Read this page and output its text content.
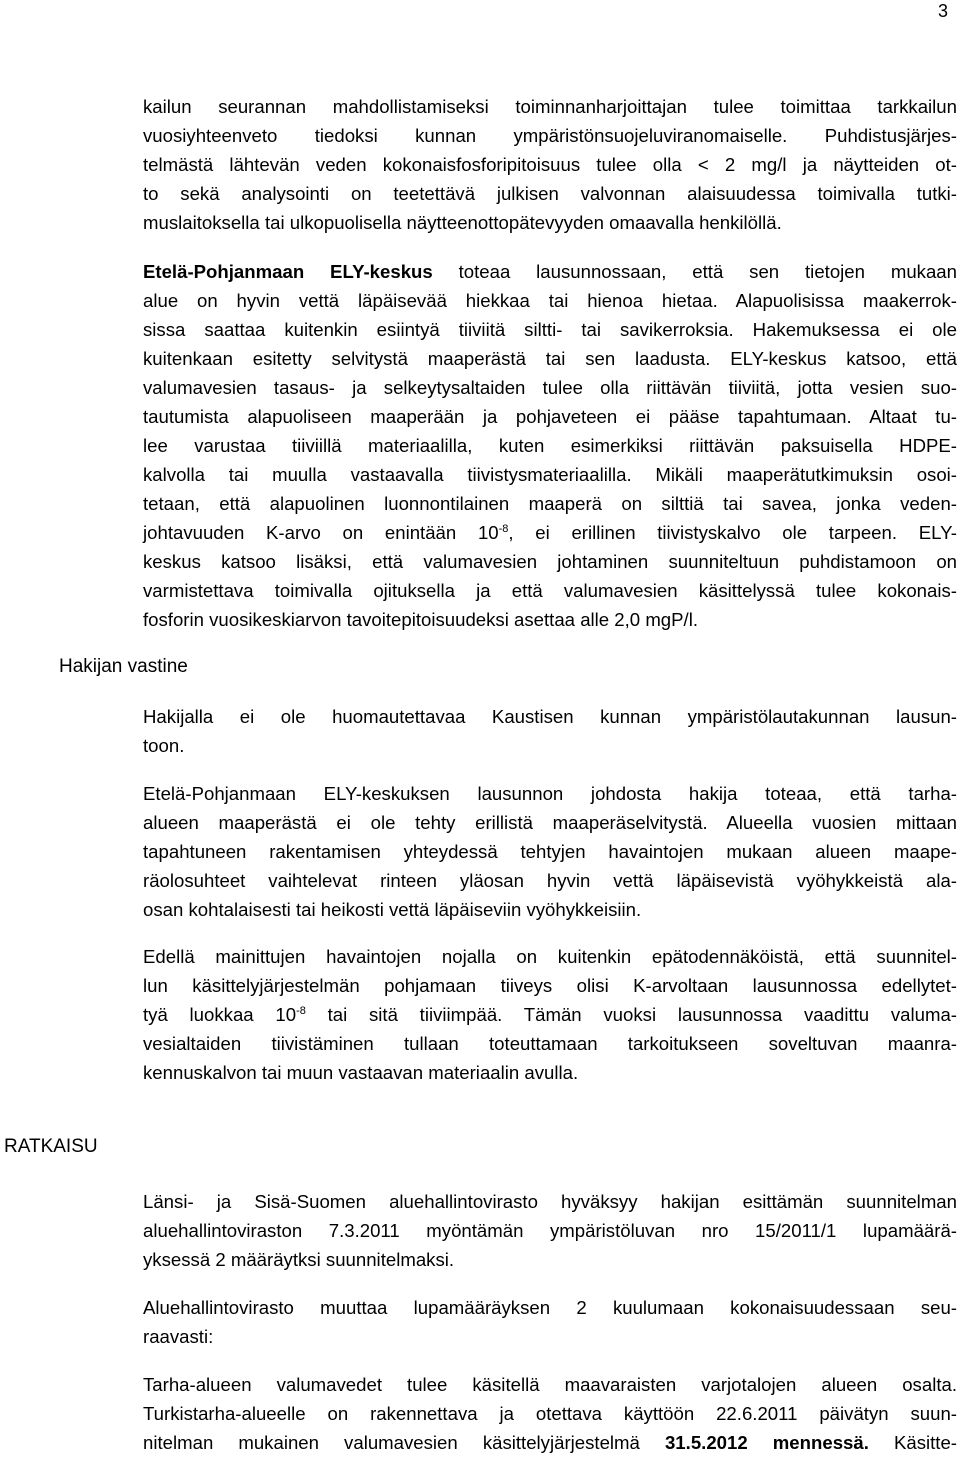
3
kailun seurannan mahdollistamiseksi toiminnanharjoittajan tulee toimittaa tarkkailun
vuosiyhteenveto tiedoksi kunnan ympäristönsuojeluviranomaiselle. Puhdistusjärjes-
telmästä lähtevän veden kokonaisfosforipitoisuus tulee olla < 2 mg/l ja näytteiden ot-
to sekä analysointi on teetettävä julkisen valvonnan alaisuudessa toimivalla tutki-
muslaitoksella tai ulkopuolisella näytteenottopätevyyden omaavalla henkilöllä.
Etelä-Pohjanmaan ELY-keskus toteaa lausunnossaan, että sen tietojen mukaan
alue on hyvin vettä läpäisevää hiekkaa tai hienoa hietaa. Alapuolisissa maakerrok-
sissa saattaa kuitenkin esiintyä tiiviitä siltti- tai savikerroksia. Hakemuksessa ei ole
kuitenkaan esitetty selvitystä maaperästä tai sen laadusta. ELY-keskus katsoo, että
valumavesien tasaus- ja selkeytysaltaiden tulee olla riittävän tiiviitä, jotta vesien suo-
tautumista alapuoliseen maaperään ja pohjaveteen ei pääse tapahtumaan. Altaat tu-
lee varustaa tiiviillä materiaalilla, kuten esimerkiksi riittävän paksuisella HDPE-
kalvolla tai muulla vastaavalla tiivistysmateriaalilla. Mikäli maaperätutkimuksin osoi-
tetaan, että alapuolinen luonnontilainen maaperä on silttiä tai savea, jonka veden-
johtavuuden K-arvo on enintään $10^{-8}$, ei erillinen tiivistyskalvo ole tarpeen. ELY-
keskus katsoo lisäksi, että valumavesien johtaminen suunniteltuun puhdistamoon on
varmistettava toimivalla ojituksella ja että valumavesien käsittelyssä tulee kokonais-
fosforin vuosikeskiarvon tavoitepitoisuudeksi asettaa alle 2,0 mgP/l.
Hakijan vastine
Hakijalla ei ole huomautettavaa Kaustisen kunnan ympäristölautakunnan lausun-
toon.
Etelä-Pohjanmaan ELY-keskuksen lausunnon johdosta hakija toteaa, että tarha-
alueen maaperästä ei ole tehty erillistä maaperäselvitystä. Alueella vuosien mittaan
tapahtuneen rakentamisen yhteydessä tehtyjen havaintojen mukaan alueen maape-
räolosuhteet vaihtelevat rinteen yläosan hyvin vettä läpäisevistä vyöhykkeistä ala-
osan kohtalaisesti tai heikosti vettä läpäiseviin vyöhykkeisiin.
Edellä mainittujen havaintojen nojalla on kuitenkin epätodennäköistä, että suunnitel-
lun käsittelyjärjestelmän pohjamaan tiiveys olisi K-arvoltaan lausunnossa edellytet-
tyä luokkaa $10^{-8}$ tai sitä tiiviimpää. Tämän vuoksi lausunnossa vaadittu valuma-
vesialtaiden tiivistäminen tullaan toteuttamaan tarkoitukseen soveltuvan maanra-
kennuskalvon tai muun vastaavan materiaalin avulla.
RATKAISU
Länsi- ja Sisä-Suomen aluehallintovirasto hyväksyy hakijan esittämän suunnitelman
aluehallintoviraston 7.3.2011 myöntämän ympäristöluvan nro 15/2011/1 lupamäärä-
yksessä 2 määräytksi suunnitelmaksi.
Aluehallintovirasto muuttaa lupamääräyksen 2 kuulumaan kokonaisuudessaan seu-
raavasti:
Tarha-alueen valumavedet tulee käsitellä maavaraisten varjotalojen alueen osalta.
Turkistarha-alueelle on rakennettava ja otettava käyttöön 22.6.2011 päivätyn suun-
nitelman mukainen valumavesien käsittelyjärjestelmä 31.5.2012 mennessä. Käsitte-
